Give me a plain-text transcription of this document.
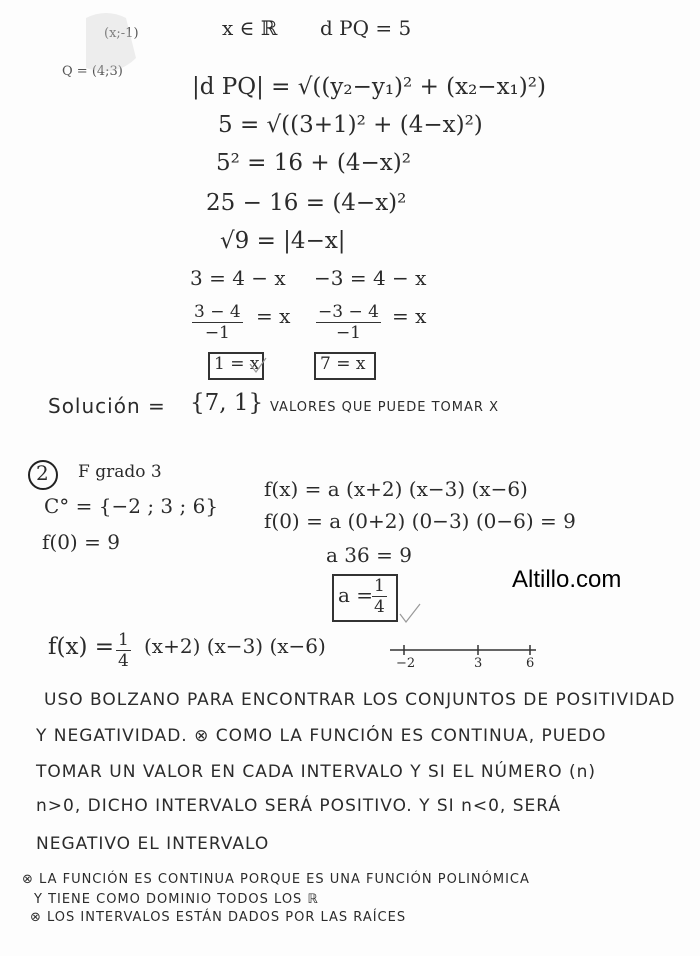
(x;-1)
Q = (4;3)
x ∈ ℝ d PQ = 5
|d PQ| = √((y₂−y₁)² + (x₂−x₁)²)
5 = √((3+1)² + (4−x)²)
5² = 16 + (4−x)²
25 − 16 = (4−x)²
√9 = |4−x|
3 = 4 − x −3 = 4 − x
$\frac{3 - 4}{-1} = x \frac{-3 - 4}{-1} = x$
1 = x	7 = x
Solución = {7, 1} VALORES QUE PUEDE TOMAR X
2 F grado 3
C° = {−2 ; 3 ; 6}
f(0) = 9
f(x) = a (x+2) (x−3) (x−6)
f(0) = a (0+2) (0−3) (0−6) = 9
a 36 = 9
a =
$\frac{1}{4}$	Altillo.com
$f(x) = \frac{1}{4} (x+2)$ (x−3) (x−6)
−2	3	6
USO BOLZANO PARA ENCONTRAR LOS CONJUNTOS DE POSITIVIDAD
Y NEGATIVIDAD. ⊗ COMO LA FUNCIÓN ES CONTINUA, PUEDO
TOMAR UN VALOR EN CADA INTERVALO Y SI EL NÚMERO (n)
n>0, DICHO INTERVALO SERÁ POSITIVO. Y SI n<0, SERÁ
NEGATIVO EL INTERVALO
⊗ LA FUNCIÓN ES CONTINUA PORQUE ES UNA FUNCIÓN POLINÓMICA
Y TIENE COMO DOMINIO TODOS LOS ℝ
⊗ LOS INTERVALOS ESTÁN DADOS POR LAS RAÍCES
